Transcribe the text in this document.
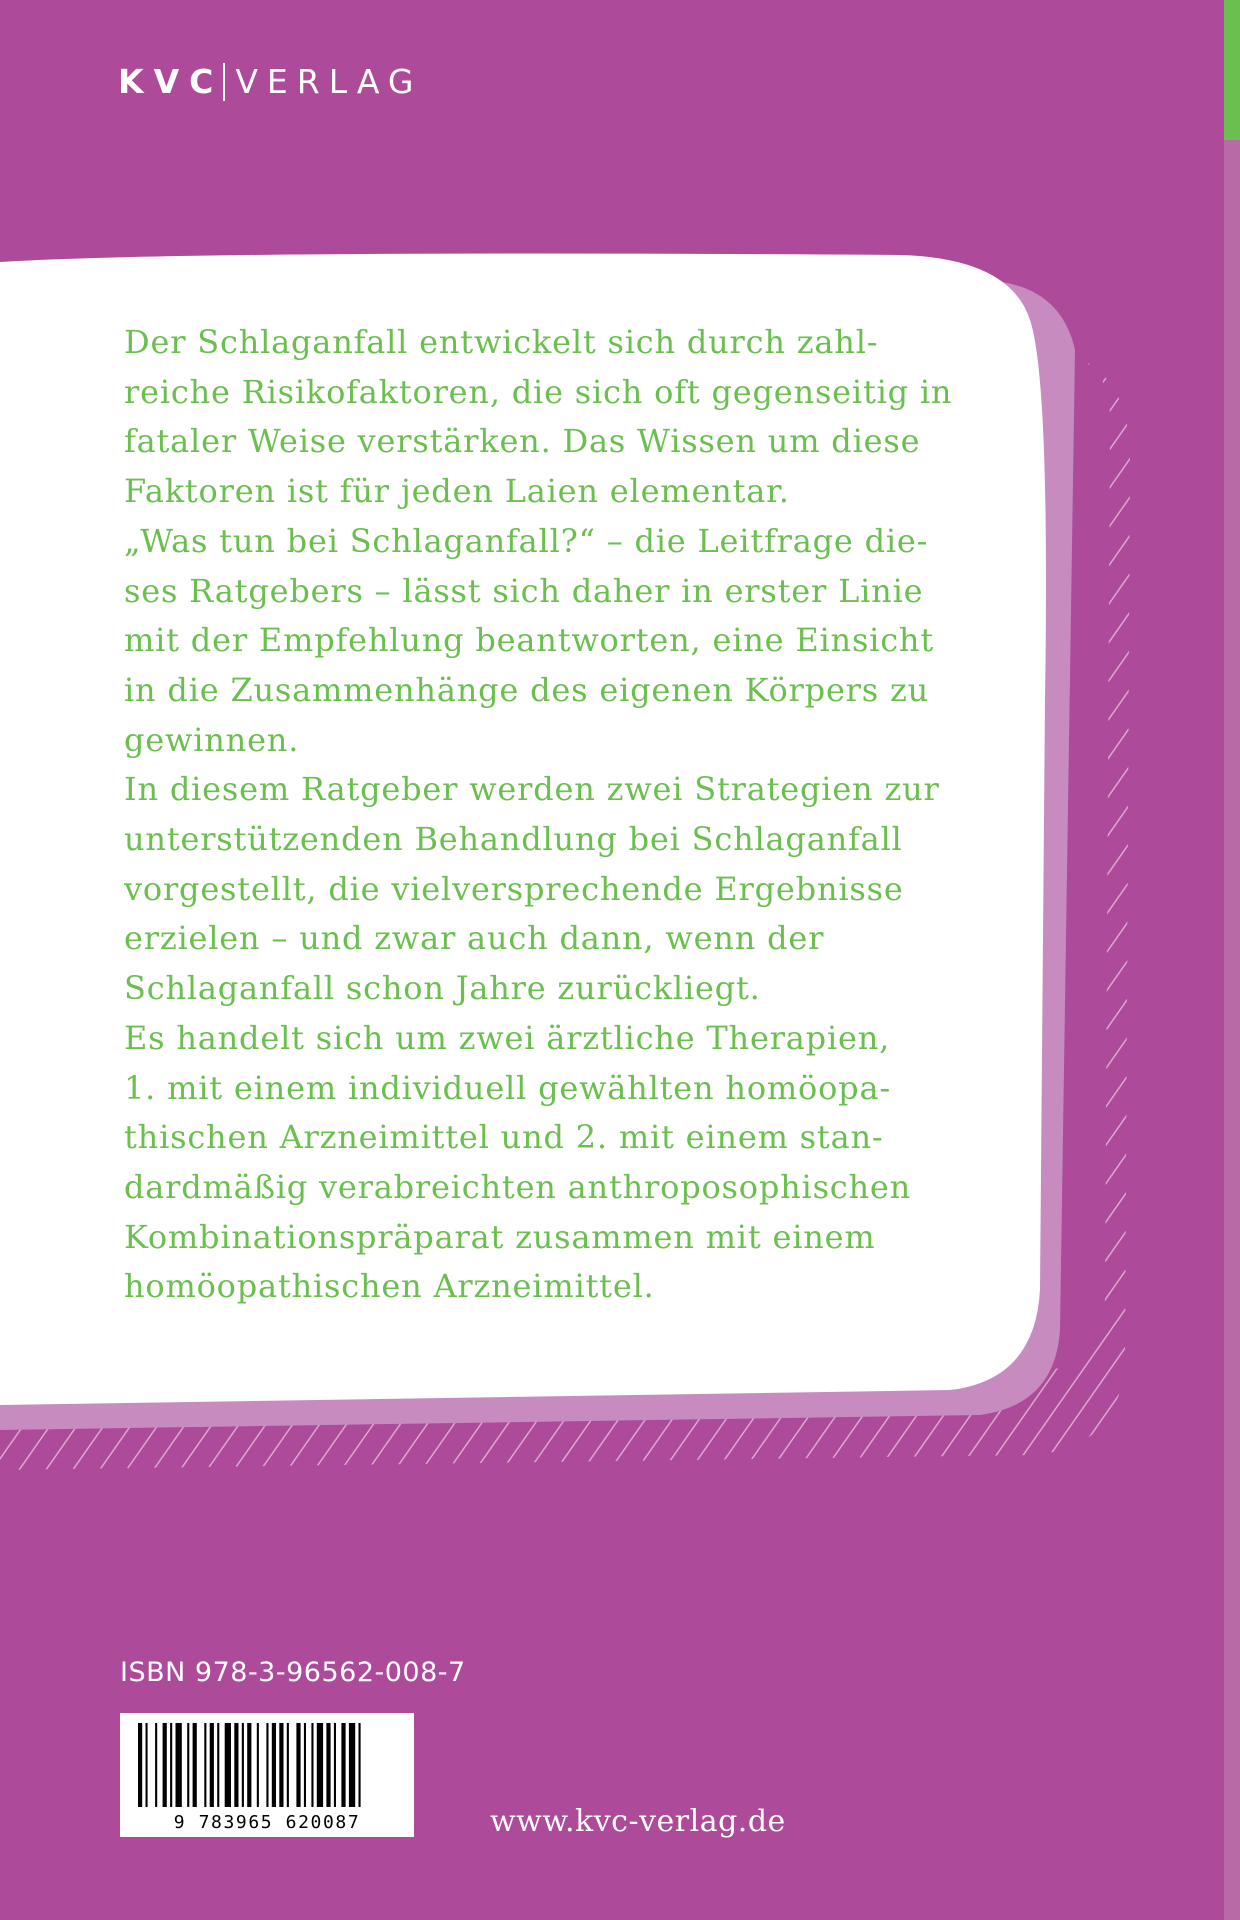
KVC VERLAG

Der Schlaganfall entwickelt sich durch zahl-
reiche Risikofaktoren, die sich oft gegenseitig in
fataler Weise verstärken. Das Wissen um diese
Faktoren ist für jeden Laien elementar.

„Was tun bei Schlaganfall?“ – die Leitfrage die-
ses Ratgebers – lässt sich daher in erster Linie
mit der Empfehlung beantworten, eine Einsicht
in die Zusammenhänge des eigenen Körpers zu
gewinnen.

In diesem Ratgeber werden zwei Strategien zur
unterstützenden Behandlung bei Schlaganfall
vorgestellt, die vielversprechende Ergebnisse
erzielen – und zwar auch dann, wenn der
Schlaganfall schon Jahre zurückliegt.

Es handelt sich um zwei ärztliche Therapien,
1. mit einem individuell gewählten homöopa-
thischen Arzneimittel und 2. mit einem stan-
dardmäßig verabreichten anthroposophischen
Kombinationspräparat zusammen mit einem
homöopathischen Arzneimittel.

ISBN 978-3-96562-008-7
9 783965 620087	www.kvc-verlag.de
